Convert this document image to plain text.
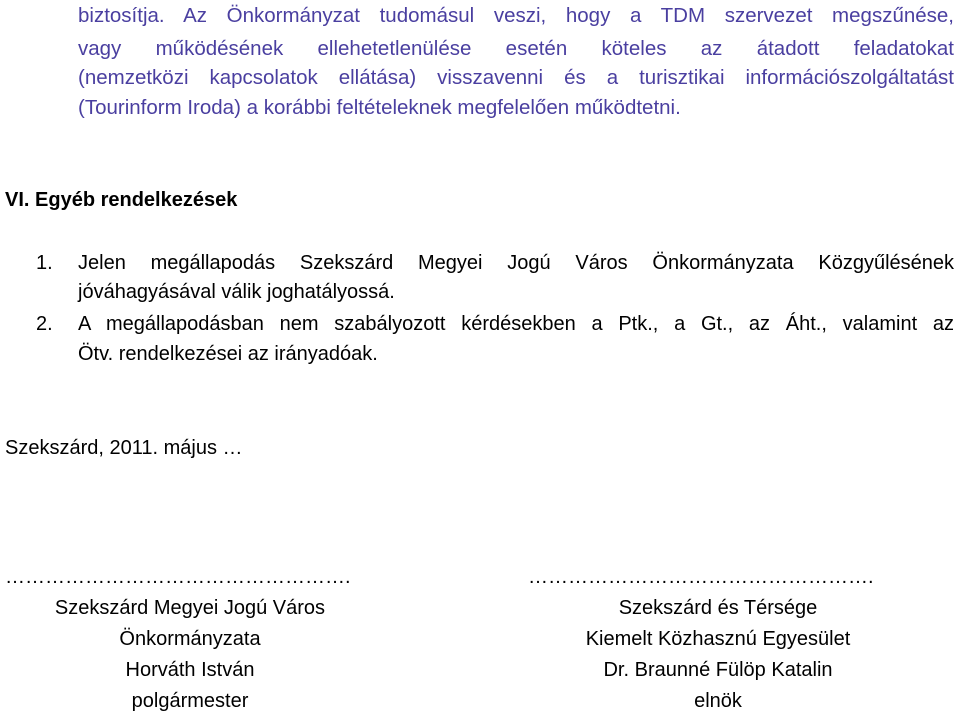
biztosítja. Az Önkormányzat tudomásul veszi, hogy a TDM szervezet megszűnése,
vagy működésének ellehetetlenülése esetén köteles az átadott feladatokat
(nemzetközi kapcsolatok ellátása) visszavenni és a turisztikai információszolgáltatást
(Tourinform Iroda) a korábbi feltételeknek megfelelően működtetni.
VI. Egyéb rendelkezések
1. Jelen megállapodás Szekszárd Megyei Jogú Város Önkormányzata Közgyűlésének
jóváhagyásával válik joghatályossá.
2. A megállapodásban nem szabályozott kérdésekben a Ptk., a Gt., az Áht., valamint az
Ötv. rendelkezései az irányadóak.
Szekszárd, 2011. május …
…………………………………………….
Szekszárd Megyei Jogú Város
Önkormányzata
Horváth István
polgármester
…………………………………………….
Szekszárd és Térsége
Kiemelt Közhasznú Egyesület
Dr. Braunné Fülöp Katalin
elnök
